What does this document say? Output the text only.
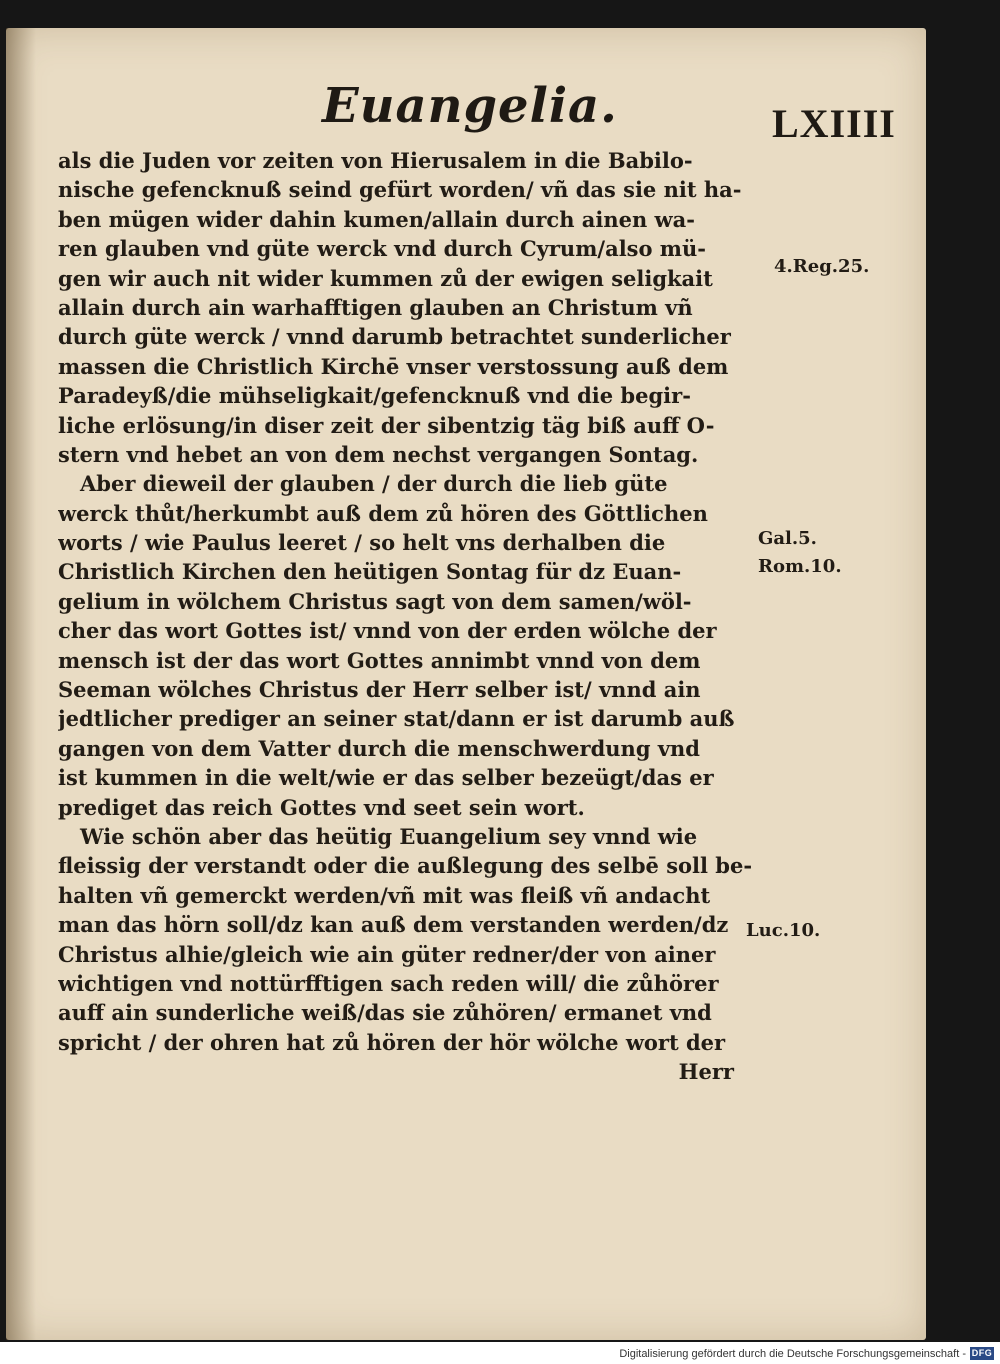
Euangelia.	LXIIII
als die Juden vor zeiten von Hierusalem in die Babilo-
nische gefencknuß seind gefürt worden/ vñ das sie nit ha-
ben mügen wider dahin kumen/allain durch ainen wa-
ren glauben vnd güte werck vnd durch Cyrum/also mü-
gen wir auch nit wider kummen zů der ewigen seligkait
allain durch ain warhafftigen glauben an Christum vñ
durch güte werck / vnnd darumb betrachtet sunderlicher
massen die Christlich Kirchē vnser verstossung auß dem
Paradeyß/die mühseligkait/gefencknuß vnd die begir-
liche erlösung/in diser zeit der sibentzig täg biß auff O-
stern vnd hebet an von dem nechst vergangen Sontag.
Aber dieweil der glauben / der durch die lieb güte
werck thůt/herkumbt auß dem zů hören des Göttlichen
worts / wie Paulus leeret / so helt vns derhalben die
Christlich Kirchen den heütigen Sontag für dz Euan-
gelium in wölchem Christus sagt von dem samen/wöl-
cher das wort Gottes ist/ vnnd von der erden wölche der
mensch ist der das wort Gottes annimbt vnnd von dem
Seeman wölches Christus der Herr selber ist/ vnnd ain
jedtlicher prediger an seiner stat/dann er ist darumb auß
gangen von dem Vatter durch die menschwerdung vnd
ist kummen in die welt/wie er das selber bezeügt/das er
prediget das reich Gottes vnd seet sein wort.
Wie schön aber das heütig Euangelium sey vnnd wie
fleissig der verstandt oder die außlegung des selbē soll be-
halten vñ gemerckt werden/vñ mit was fleiß vñ andacht
man das hörn soll/dz kan auß dem verstanden werden/dz
Christus alhie/gleich wie ain güter redner/der von ainer
wichtigen vnd nottürfftigen sach reden will/ die zůhörer
auff ain sunderliche weiß/das sie zůhören/ ermanet vnd
spricht / der ohren hat zů hören der hör wölche wort der
Herr
4.Reg.25.
Gal.5.
Rom.10.
Luc.10.
Digitalisierung gefördert durch die Deutsche Forschungsgemeinschaft - DFG
